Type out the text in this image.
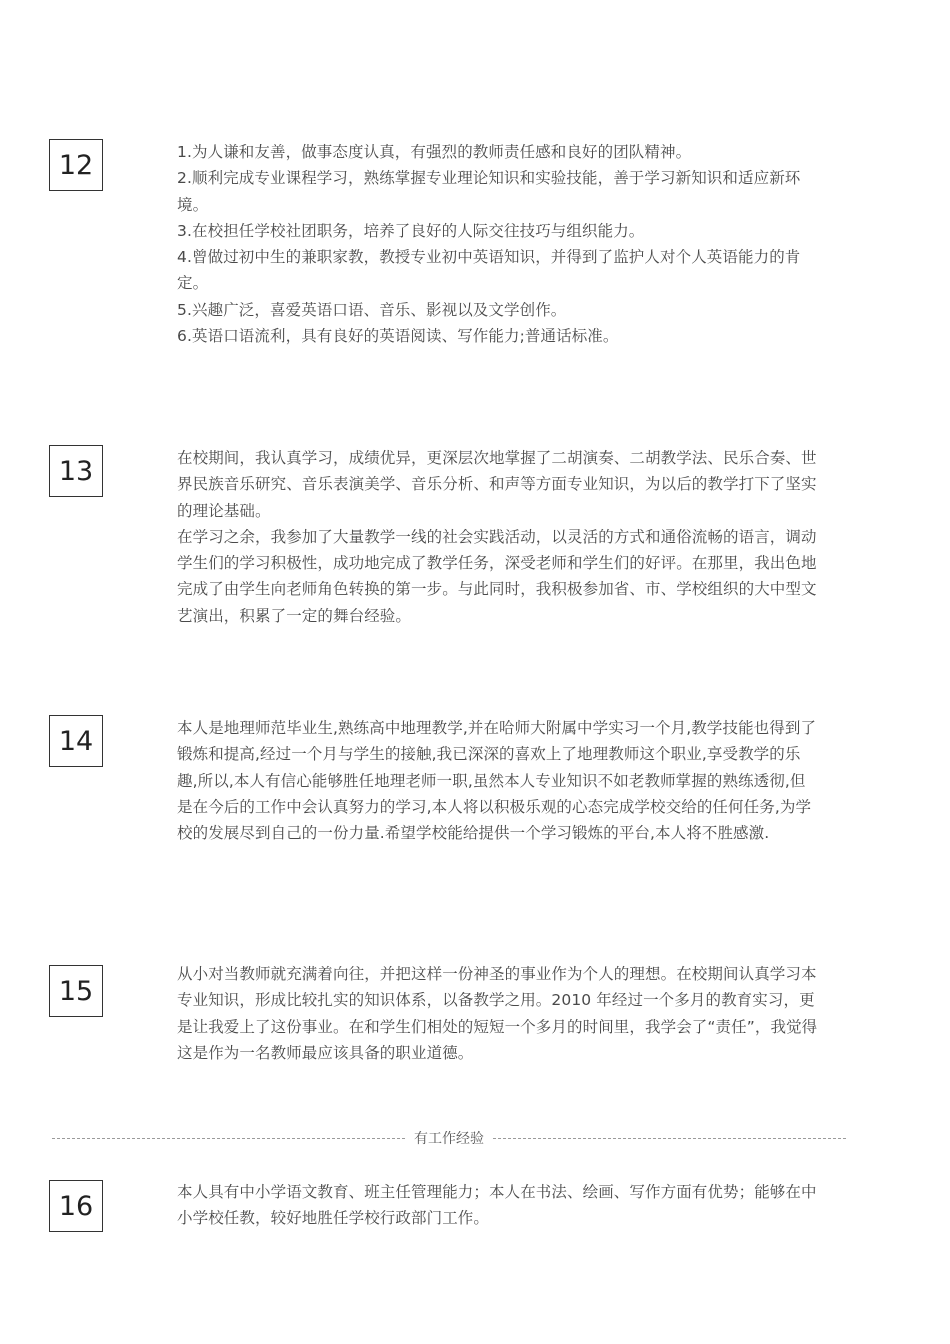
12	1.为人谦和友善，做事态度认真，有强烈的教师责任感和良好的团队精神。

2.顺利完成专业课程学习，熟练掌握专业理论知识和实验技能，善于学习新知识和适应新环境。

3.在校担任学校社团职务，培养了良好的人际交往技巧与组织能力。

4.曾做过初中生的兼职家教，教授专业初中英语知识，并得到了监护人对个人英语能力的肯定。

5.兴趣广泛，喜爱英语口语、音乐、影视以及文学创作。

6.英语口语流利，具有良好的英语阅读、写作能力;普通话标准。

13	在校期间，我认真学习，成绩优异，更深层次地掌握了二胡演奏、二胡教学法、民乐合奏、世界民族音乐研究、音乐表演美学、音乐分析、和声等方面专业知识，为以后的教学打下了坚实的理论基础。

在学习之余，我参加了大量教学一线的社会实践活动，以灵活的方式和通俗流畅的语言，调动学生们的学习积极性，成功地完成了教学任务，深受老师和学生们的好评。在那里，我出色地完成了由学生向老师角色转换的第一步。与此同时，我积极参加省、市、学校组织的大中型文艺演出，积累了一定的舞台经验。

14	本人是地理师范毕业生,熟练高中地理教学,并在哈师大附属中学实习一个月,教学技能也得到了锻炼和提高,经过一个月与学生的接触,我已深深的喜欢上了地理教师这个职业,享受教学的乐趣,所以,本人有信心能够胜任地理老师一职,虽然本人专业知识不如老教师掌握的熟练透彻,但是在今后的工作中会认真努力的学习,本人将以积极乐观的心态完成学校交给的任何任务,为学校的发展尽到自己的一份力量.希望学校能给提供一个学习锻炼的平台,本人将不胜感激.

15

从小对当教师就充满着向往，并把这样一份神圣的事业作为个人的理想。在校期间认真学习本专业知识，形成比较扎实的知识体系，以备教学之用。2010 年经过一个多月的教育实习，更是让我爱上了这份事业。在和学生们相处的短短一个多月的时间里，我学会了“责任”，我觉得这是作为一名教师最应该具备的职业道德。

有工作经验
16	本人具有中小学语文教育、班主任管理能力；本人在书法、绘画、写作方面有优势；能够在中小学校任教，较好地胜任学校行政部门工作。
